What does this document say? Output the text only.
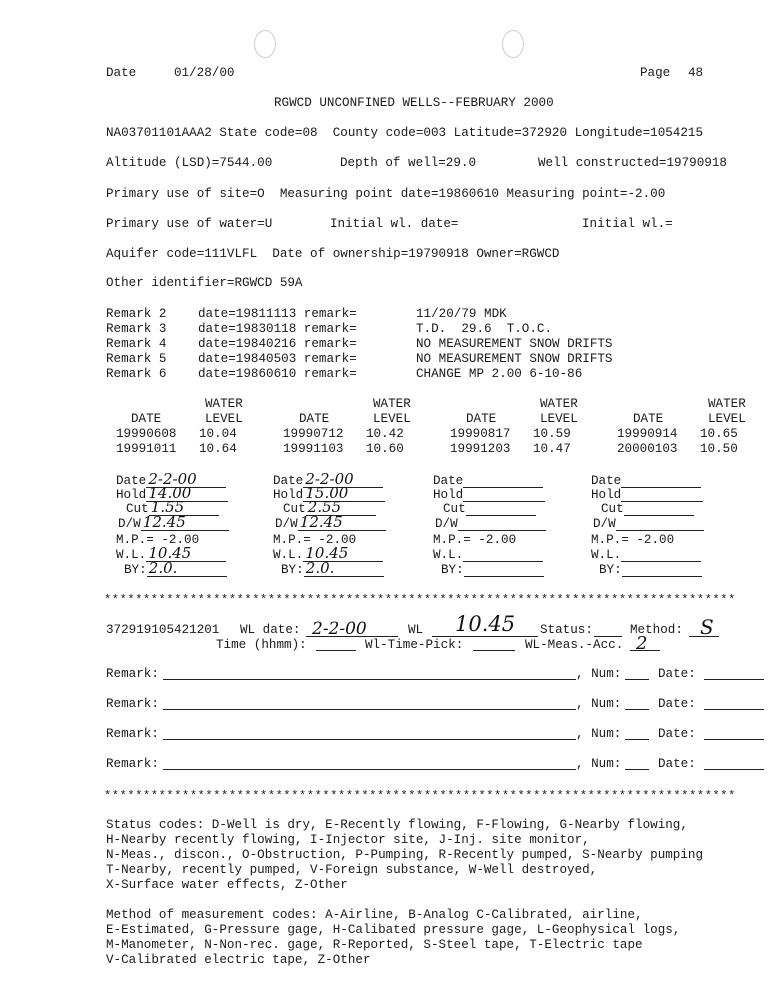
Date	01/28/00	Page 48
RGWCD UNCONFINED WELLS--FEBRUARY 2000
NA03701101AAA2 State code=08  County code=003 Latitude=372920 Longitude=1054215
Altitude (LSD)=7544.00	Depth of well=29.0	Well constructed=19790918
Primary use of site=O  Measuring point date=19860610 Measuring point=-2.00
Primary use of water=U	Initial wl. date=	Initial wl.=
Aquifer code=111VLFL  Date of ownership=19790918 Owner=RGWCD
Other identifier=RGWCD 59A
Remark 2	date=19811113 remark=	11/20/79 MDK
Remark 3	date=19830118 remark=	T.D.  29.6  T.O.C.
Remark 4	date=19840216 remark=	NO MEASUREMENT SNOW DRIFTS
Remark 5	date=19840503 remark=	NO MEASUREMENT SNOW DRIFTS
Remark 6	date=19860610 remark=	CHANGE MP 2.00 6-10-86
WATER	WATER	WATER	WATER
DATE	LEVEL	DATE	LEVEL	DATE	LEVEL	DATE	LEVEL
19990608 10.04	19990712 10.42	19990817 10.59	19990914 10.65
19991011 10.64	19991103 10.60	19991203 10.47	20000103 10.50
Date 2-2-00
Hold 14.00
Cut 1.55
D/W 12.45
M.P.= -2.00
W.L. 10.45
BY: 2.0.
Date 2-2-00
Hold 15.00
Cut 2.55
D/W 12.45
M.P.= -2.00
W.L. 10.45
BY: 2.0.
Date
Hold
Cut
D/W
M.P.= -2.00
W.L.
BY:
Date
Hold
Cut
D/W
M.P.= -2.00
W.L.
BY:
*********************************************************************************
372919105421201 WL date: 2-2-00	WL 10.45 Status:	Method: S
Time (hhmm):	Wl-Time-Pick:	WL-Meas.-Acc. 2
Remark:	, Num:	Date:
Remark:	, Num:	Date:
Remark:	, Num:	Date:
Remark:	, Num:	Date:
*********************************************************************************
Status codes: D-Well is dry, E-Recently flowing, F-Flowing, G-Nearby flowing,
H-Nearby recently flowing, I-Injector site, J-Inj. site monitor,
N-Meas., discon., O-Obstruction, P-Pumping, R-Recently pumped, S-Nearby pumping
T-Nearby, recently pumped, V-Foreign substance, W-Well destroyed,
X-Surface water effects, Z-Other
Method of measurement codes: A-Airline, B-Analog C-Calibrated, airline,
E-Estimated, G-Pressure gage, H-Calibated pressure gage, L-Geophysical logs,
M-Manometer, N-Non-rec. gage, R-Reported, S-Steel tape, T-Electric tape
V-Calibrated electric tape, Z-Other
